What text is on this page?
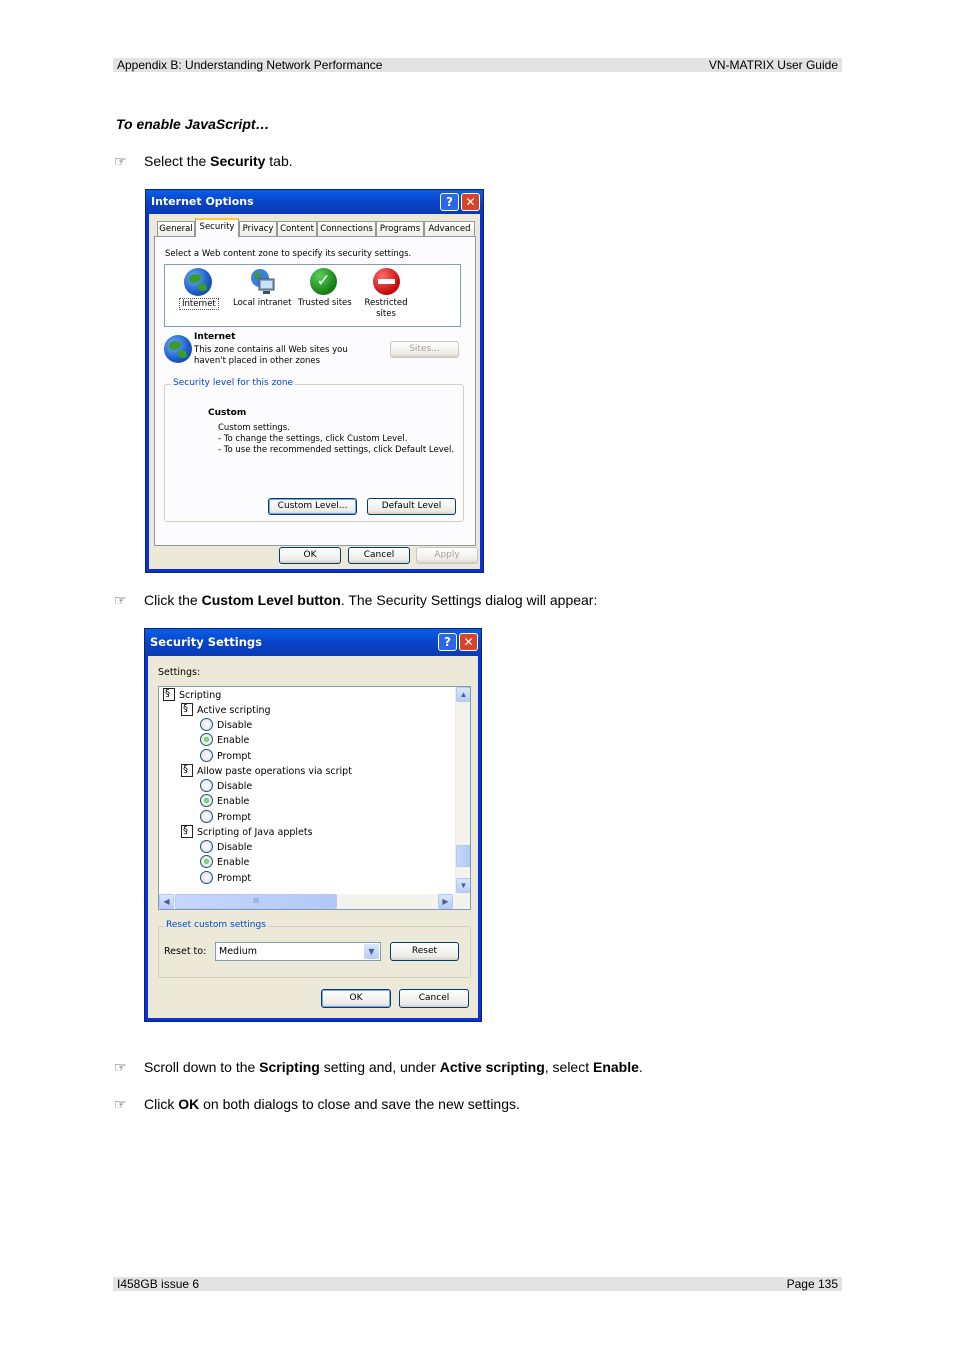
Appendix B: Understanding Network Performance	VN-MATRIX User Guide
To enable JavaScript…
☞ Select the Security tab.
Internet Options	?	✕
General Security Privacy Content Connections Programs Advanced
Select a Web content zone to specify its security settings.
Internet	Local intranet
✓
Trusted sites	Restricted sites
Internet
This zone contains all Web sites you
haven't placed in other zones
Sites...
Security level for this zone
Custom
Custom settings.
- To change the settings, click Custom Level.
- To use the recommended settings, click Default Level.
Custom Level...	Default Level
OK	Cancel	Apply
☞ Click the Custom Level button. The Security Settings dialog will appear:
Security Settings	?	✕
Settings:
§Scripting
§Active scripting
Disable
Enable
Prompt
§Allow paste operations via script
Disable
Enable
Prompt
§Scripting of Java applets
Disable
Enable
Prompt
▲
▼
◀	III	▶
Reset custom settings
Reset to:	Medium	▼	Reset
OK	Cancel
☞ Scroll down to the Scripting setting and, under Active scripting, select Enable.
☞ Click OK on both dialogs to close and save the new settings.
I458GB issue 6	Page 135
